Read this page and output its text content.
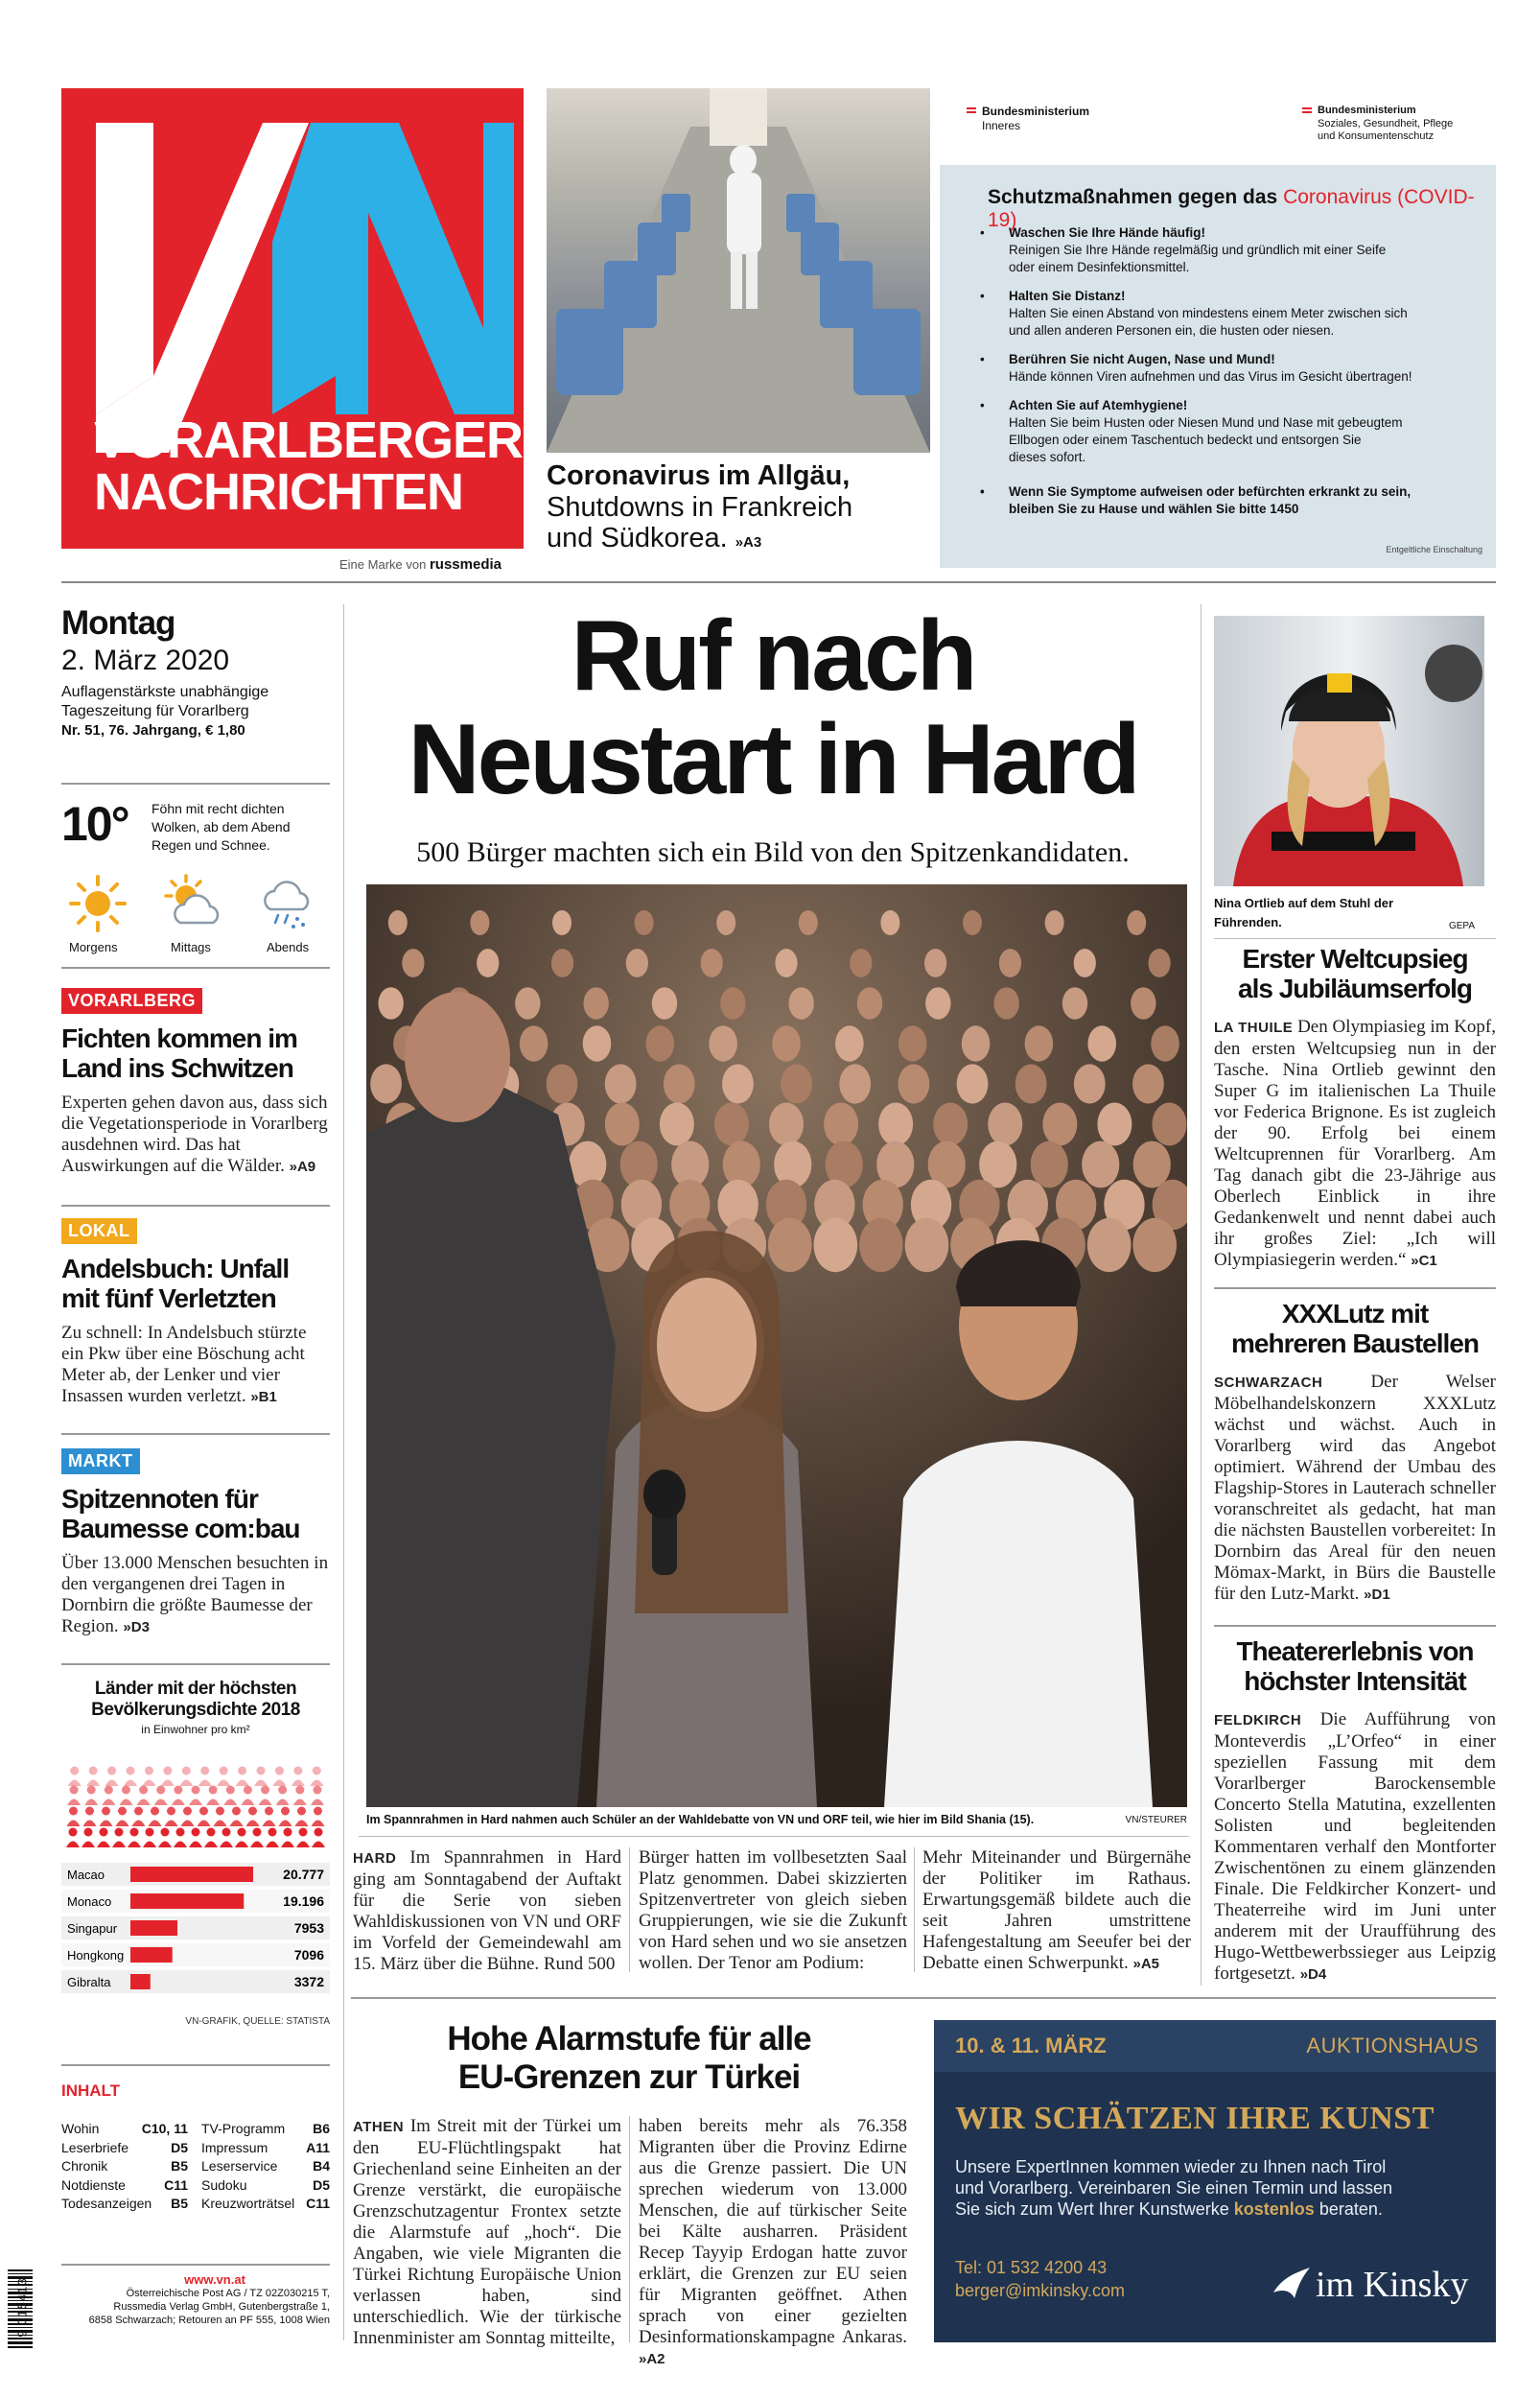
VORARLBERGER
NACHRICHTEN
Eine Marke von russmedia
Coronavirus im Allgäu,
Shutdowns in Frankreich
und Südkorea. »A3
Bundesministerium
Inneres
Bundesministerium
Soziales, Gesundheit, Pflege
und Konsumentenschutz
Schutzmaßnahmen gegen das Coronavirus (COVID-19)
• Waschen Sie Ihre Hände häufig!
Reinigen Sie Ihre Hände regelmäßig und gründlich mit einer Seife
oder einem Desinfektionsmittel.
• Halten Sie Distanz!
Halten Sie einen Abstand von mindestens einem Meter zwischen sich
und allen anderen Personen ein, die husten oder niesen.
• Berühren Sie nicht Augen, Nase und Mund!
Hände können Viren aufnehmen und das Virus im Gesicht übertragen!
• Achten Sie auf Atemhygiene!
Halten Sie beim Husten oder Niesen Mund und Nase mit gebeugtem
Ellbogen oder einem Taschentuch bedeckt und entsorgen Sie
dieses sofort.
• Wenn Sie Symptome aufweisen oder befürchten erkrankt zu sein,
bleiben Sie zu Hause und wählen Sie bitte 1450
Entgeltliche Einschaltung
Montag
2. März 2020
Auflagenstärkste unabhängige
Tageszeitung für Vorarlberg
Nr. 51, 76. Jahrgang, € 1,80
10° Föhn mit recht dichten
Wolken, ab dem Abend
Regen und Schnee.
Morgens	Mittags	Abends
VORARLBERG
Fichten kommen im
Land ins Schwitzen
Experten gehen davon aus, dass sich die Vegetationsperiode in Vorarlberg ausdehnen wird. Das hat Auswirkungen auf die Wälder. »A9
LOKAL
Andelsbuch: Unfall
mit fünf Verletzten
Zu schnell: In Andelsbuch stürzte ein Pkw über eine Böschung acht Meter ab, der Lenker und vier Insassen wurden verletzt. »B1
MARKT
Spitzennoten für
Baumesse com:bau
Über 13.000 Menschen besuchten in den vergangenen drei Tagen in Dornbirn die größte Baumesse der Region. »D3
Länder mit der höchsten
Bevölkerungsdichte 2018
in Einwohner pro km²
Macao	20.777
Monaco	19.196
Singapur	7953
Hongkong	7096
Gibralta	3372
VN-GRAFIK, QUELLE: STATISTA
INHALT
Wohin	C10, 11
Leserbriefe	D5
Chronik	B5
Notdienste	C11
Todesanzeigen B5
TV-Programm B6
Impressum	A11
Leserservice	B4
Sudoku	D5
Kreuzworträtsel C11
9 015413	www.vn.at
Österreichische Post AG / TZ 02Z030215 T,
Russmedia Verlag GmbH, Gutenbergstraße 1,
6858 Schwarzach; Retouren an PF 555, 1008 Wien
Ruf nach
Neustart in Hard
500 Bürger machten sich ein Bild von den Spitzenkandidaten.
Im Spannrahmen in Hard nahmen auch Schüler an der Wahldebatte von VN und ORF teil, wie hier im Bild Shania (15).	VN/STEURER
HARD Im Spannrahmen in Hard ging am Sonntagabend der Auftakt für die Serie von sieben Wahldiskussionen von VN und ORF im Vorfeld der Gemeindewahl am 15. März über die Bühne. Rund 500
Bürger hatten im vollbesetzten Saal Platz genommen. Dabei skizzierten Spitzenvertreter von gleich sieben Gruppierungen, wie sie die Zukunft von Hard sehen und wo sie ansetzen wollen. Der Tenor am Podium:
Mehr Miteinander und Bürgernähe der Politiker im Rathaus. Erwartungsgemäß bildete auch die seit Jahren umstrittene Hafengestaltung am Seeufer bei der Debatte einen Schwerpunkt. »A5
Hohe Alarmstufe für alle
EU-Grenzen zur Türkei
ATHEN Im Streit mit der Türkei um den EU-Flüchtlingspakt hat Griechenland seine Einheiten an der Grenze verstärkt, die europäische Grenzschutzagentur Frontex setzte die Alarmstufe auf „hoch“. Die Angaben, wie viele Migranten die Türkei Richtung Europäische Union verlassen haben, sind unterschiedlich. Wie der türkische Innenminister am Sonntag mitteilte,
haben bereits mehr als 76.358 Migranten über die Provinz Edirne aus die Grenze passiert. Die UN sprechen wiederum von 13.000 Menschen, die auf türkischer Seite bei Kälte ausharren. Präsident Recep Tayyip Erdogan hatte zuvor erklärt, die Grenzen zur EU seien für Migranten geöffnet. Athen sprach von einer gezielten Desinformationskampagne Ankaras. »A2
10. & 11. MÄRZ	AUKTIONSHAUS
WIR SCHÄTZEN IHRE KUNST
Unsere ExpertInnen kommen wieder zu Ihnen nach Tirol
und Vorarlberg. Vereinbaren Sie einen Termin und lassen
Sie sich zum Wert Ihrer Kunstwerke kostenlos beraten.
Tel: 01 532 4200 43
berger@imkinsky.com	im Kinsky
Nina Ortlieb auf dem Stuhl der
Führenden.	GEPA
Erster Weltcupsieg
als Jubiläumserfolg
LA THUILE Den Olympiasieg im Kopf, den ersten Weltcupsieg nun in der Tasche. Nina Ortlieb gewinnt den Super G im italienischen La Thuile vor Federica Brignone. Es ist zugleich der 90. Erfolg bei einem Weltcuprennen für Vorarlberg. Am Tag danach gibt die 23-Jährige aus Oberlech Einblick in ihre Gedankenwelt und nennt dabei auch ihr großes Ziel: „Ich will Olympiasiegerin werden.“ »C1
XXXLutz mit
mehreren Baustellen
SCHWARZACH	Der Welser Möbelhandelskonzern XXXLutz wächst und wächst. Auch in Vorarlberg wird das Angebot optimiert. Während der Umbau des Flagship-Stores in Lauterach schneller voranschreitet als gedacht, hat man die nächsten Baustellen vorbereitet: In Dornbirn das Areal für den neuen Mömax-Markt, in Bürs die Baustelle für den Lutz-Markt. »D1
Theatererlebnis von
höchster Intensität
FELDKIRCH Die Aufführung von Monteverdis „L’Orfeo“ in einer speziellen Fassung mit dem Vorarlberger Barockensemble Concerto Stella Matutina, exzellenten Solisten und begleitenden Kommentaren verhalf den Montforter Zwischentönen zu einem glänzenden Finale. Die Feldkircher Konzert- und Theaterreihe wird im Juni unter anderem mit der Uraufführung des Hugo-Wettbewerbssieger aus Leipzig fortgesetzt. »D4
